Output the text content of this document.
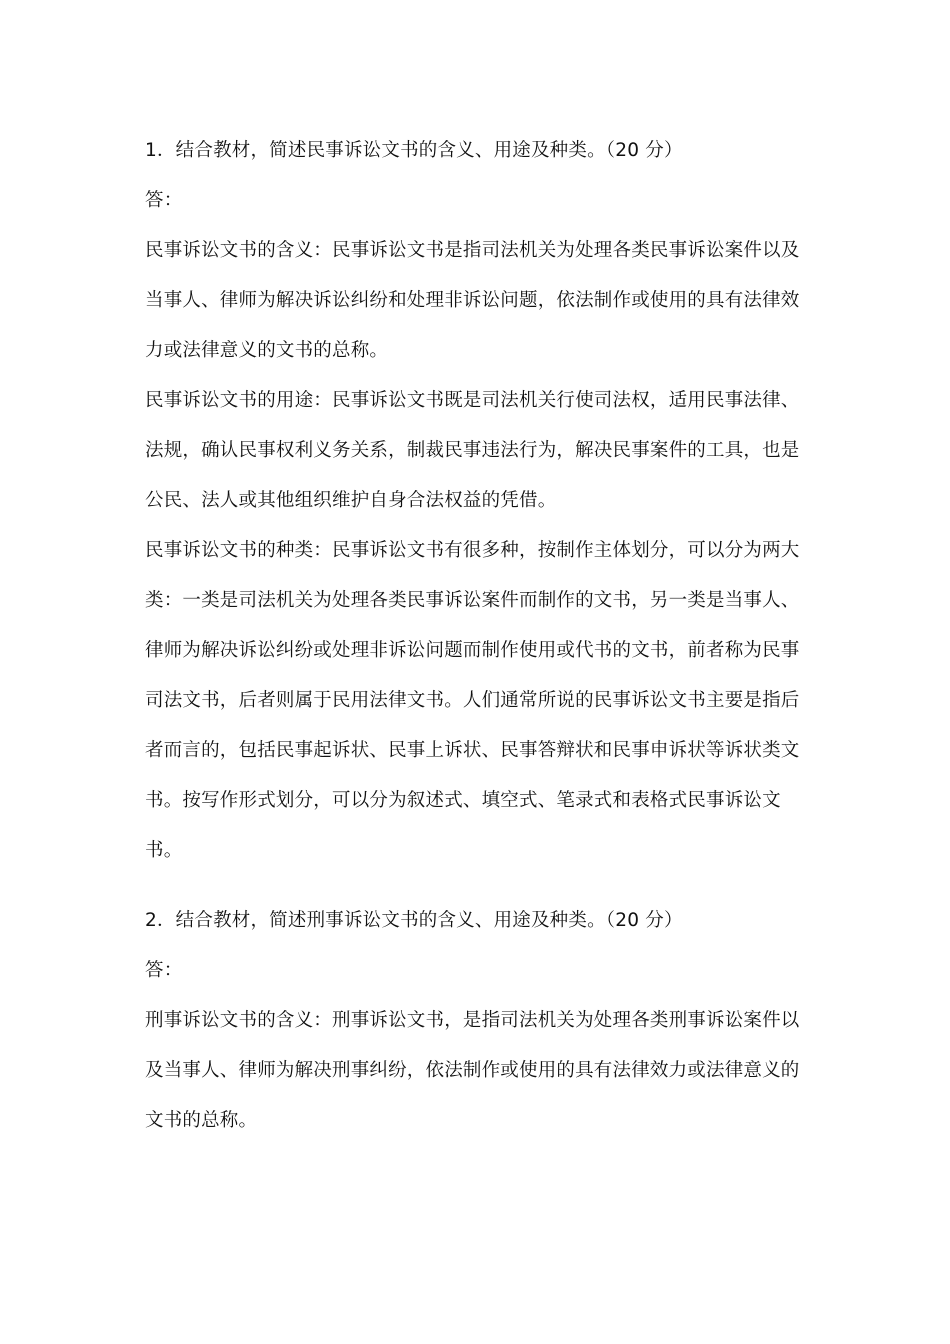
1．结合教材，简述民事诉讼文书的含义、用途及种类。（20 分）

答：

民事诉讼文书的含义：民事诉讼文书是指司法机关为处理各类民事诉讼案件以及当事人、律师为解决诉讼纠纷和处理非诉讼问题，依法制作或使用的具有法律效力或法律意义的文书的总称。

民事诉讼文书的用途：民事诉讼文书既是司法机关行使司法权，适用民事法律、法规，确认民事权利义务关系，制裁民事违法行为，解决民事案件的工具，也是公民、法人或其他组织维护自身合法权益的凭借。

民事诉讼文书的种类：民事诉讼文书有很多种，按制作主体划分，可以分为两大类：一类是司法机关为处理各类民事诉讼案件而制作的文书，另一类是当事人、律师为解决诉讼纠纷或处理非诉讼问题而制作使用或代书的文书，前者称为民事司法文书，后者则属于民用法律文书。人们通常所说的民事诉讼文书主要是指后者而言的，包括民事起诉状、民事上诉状、民事答辩状和民事申诉状等诉状类文书。按写作形式划分，可以分为叙述式、填空式、笔录式和表格式民事诉讼文书。

2．结合教材，简述刑事诉讼文书的含义、用途及种类。（20 分）

答：

刑事诉讼文书的含义：刑事诉讼文书，是指司法机关为处理各类刑事诉讼案件以及当事人、律师为解决刑事纠纷，依法制作或使用的具有法律效力或法律意义的文书的总称。
